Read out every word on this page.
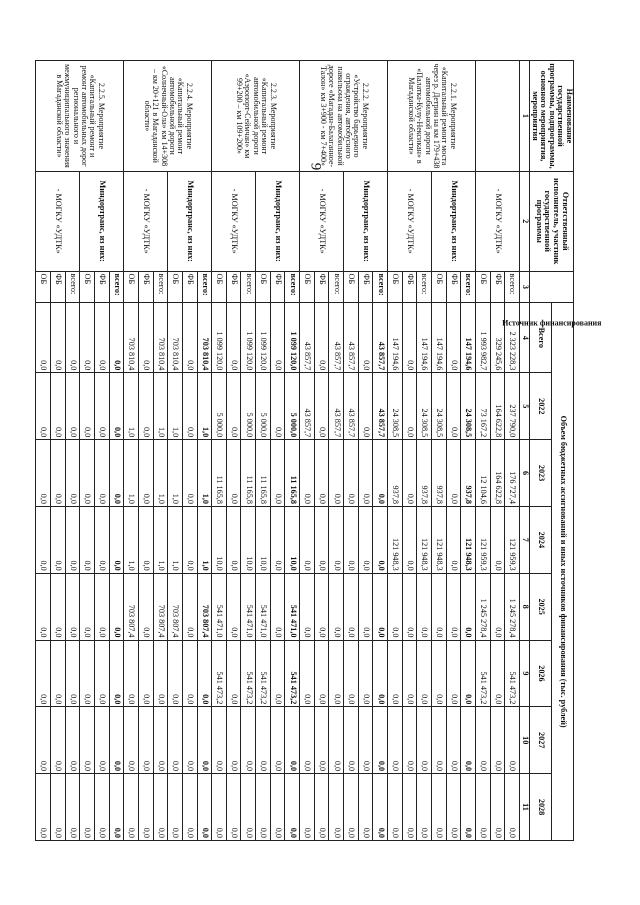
9
Наименование государственной программы, подпрограммы, основного мероприятия, мероприятия	Ответственный исполнитель, участник государственной программы	Источник финансирования	Объем бюджетных ассигнований и иных источников финансирования (тыс. рублей)							
			Всего	2022	2023	2024	2025	2026	2027	2028
1	2	3	4	5	6	7	8	9	10	11
	- МОГКУ «УДТК»	всего:	2 323 228,3	237 790,0	176 727,4	121 959,3	1 245 278,4	541 473,2	0,0	0,0
		ФБ	329 245,6	164 622,8	164 622,8	0,0	0,0	0,0	0,0	0,0
		ОБ	1 993 982,7	73 167,2	12 104,6	121 959,3	1 245 278,4	541 473,2	0,0	0,0
2.2.1. Мероприятие «Капитальный ремонт моста через р. Детрин на км 179+438 автомобильной дороги «Палатка-Кулу-Нексикан» в Магаданской области»	Миндортранс, из них:	всего:	147 194,6	24 308,5	937,8	121 948,3	0,0	0,0	0,0	0,0
		ФБ	0,0	0,0	0,0	0,0	0,0	0,0	0,0	0,0
		ОБ	147 194,6	24 308,5	937,8	121 948,3	0,0	0,0	0,0	0,0
	- МОГКУ «УДТК»	всего:	147 194,6	24 308,5	937,8	121 948,3	0,0	0,0	0,0	0,0
		ФБ	0,0	0,0	0,0	0,0	0,0	0,0	0,0	0,0
		ОБ	147 194,6	24 308,5	937,8	121 948,3	0,0	0,0	0,0	0,0
2.2.2. Мероприятие «Устройство барьерного ограждения, автобусного павильона на автомобильной дороге «Магадан-Балаганное-Талон» км 3+900 - км 7+400»	Миндортранс, из них:	всего:	43 857,7	43 857,7	0,0	0,0	0,0	0,0	0,0	0,0
		ФБ	0,0	0,0	0,0	0,0	0,0	0,0	0,0	0,0
		ОБ	43 857,7	43 857,7	0,0	0,0	0,0	0,0	0,0	0,0
	- МОГКУ «УДТК»	всего:	43 857,7	43 857,7	0,0	0,0	0,0	0,0	0,0	0,0
		ФБ	0,0	0,0	0,0	0,0	0,0	0,0	0,0	0,0
		ОБ	43 857,7	43 857,7	0,0	0,0	0,0	0,0	0,0	0,0
2.2.3. Мероприятие «Капитальный ремонт автомобильной дороги «Аэропорт-Сеймчан» км 99+200 – км 109+200»	Миндортранс, из них:	всего:	1 099 120,0	5 000,0	11 165,8	10,0	541 471,0	541 473,2	0,0	0,0
		ФБ	0,0	0,0	0,0	0,0	0,0	0,0	0,0	0,0
		ОБ	1 099 120,0	5 000,0	11 165,8	10,0	541 471,0	541 473,2	0,0	0,0
	- МОГКУ «УДТК»	всего:	1 099 120,0	5 000,0	11 165,8	10,0	541 471,0	541 473,2	0,0	0,0
		ФБ	0,0	0,0	0,0	0,0	0,0	0,0	0,0	0,0
		ОБ	1 099 120,0	5 000,0	11 165,8	10,0	541 471,0	541 473,2	0,0	0,0
2.2.4. Мероприятие «Капитальный ремонт автомобильной дороги «Солнечный-Ола» км 14+308 – км 20+121 в Магаданской области»	Миндортранс, из них:	всего:	703 810,4	1,0	1,0	1,0	703 807,4	0,0	0,0	0,0
		ФБ	0,0	0,0	0,0	0,0	0,0	0,0	0,0	0,0
		ОБ	703 810,4	1,0	1,0	1,0	703 807,4	0,0	0,0	0,0
	- МОГКУ «УДТК»	всего:	703 810,4	1,0	1,0	1,0	703 807,4	0,0	0,0	0,0
		ФБ	0,0	0,0	0,0	0,0	0,0	0,0	0,0	0,0
		ОБ	703 810,4	1,0	1,0	1,0	703 807,4	0,0	0,0	0,0
2.2.5. Мероприятие «Капитальный ремонт и ремонт автомобильных дорог регионального и межмуниципального значения в Магаданской области»	Миндортранс, из них:	всего:	0,0	0,0	0,0	0,0	0,0	0,0	0,0	0,0
		ФБ	0,0	0,0	0,0	0,0	0,0	0,0	0,0	0,0
		ОБ	0,0	0,0	0,0	0,0	0,0	0,0	0,0	0,0
	- МОГКУ «УДТК»	всего:	0,0	0,0	0,0	0,0	0,0	0,0	0,0	0,0
		ФБ	0,0	0,0	0,0	0,0	0,0	0,0	0,0	0,0
		ОБ	0,0	0,0	0,0	0,0	0,0	0,0	0,0	0,0
